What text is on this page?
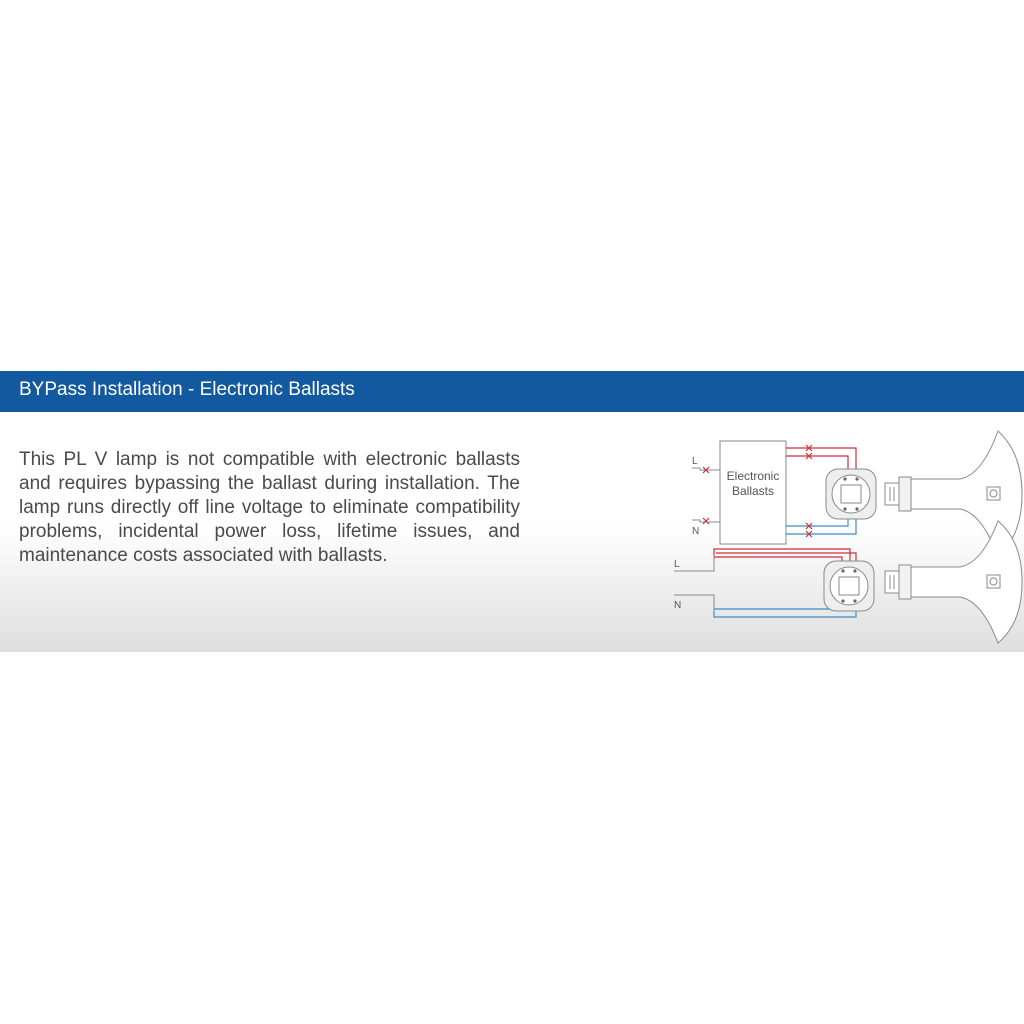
BYPass Installation - Electronic Ballasts

This PL V lamp is not compatible with electronic ballasts and requires bypassing the ballast during installation. The lamp runs directly off line voltage to eliminate compatibility problems, incidental power loss, lifetime issues, and maintenance costs associated with ballasts.

L
N
Electronic
Ballasts
L
N
